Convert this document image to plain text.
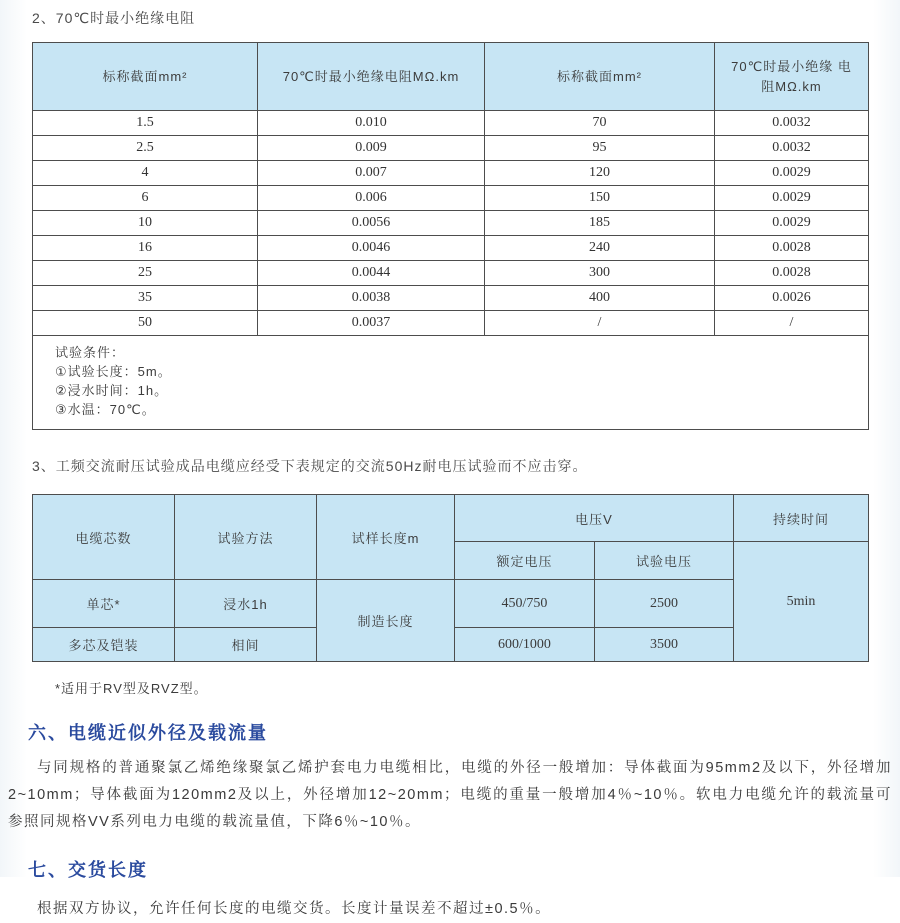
2、70℃时最小绝缘电阻
标称截面mm²	70℃时最小绝缘电阻MΩ.km	标称截面mm²	70℃时最小绝缘 电阻MΩ.km
1.5	0.010	70	0.0032
2.5	0.009	95	0.0032
4	0.007	120	0.0029
6	0.006	150	0.0029
10	0.0056	185	0.0029
16	0.0046	240	0.0028
25	0.0044	300	0.0028
35	0.0038	400	0.0026
50	0.0037	/	/

试验条件：
①试验长度：5m。
②浸水时间：1h。
③水温：70℃。			
3、工频交流耐压试验成品电缆应经受下表规定的交流50Hz耐电压试验而不应击穿。
电缆芯数	试验方法	试样长度m	电压V		持续时间
			额定电压	试验电压	5min
单芯*	浸水1h	制造长度	450/750	2500	
多芯及铠装	相间		600/1000	3500	
*适用于RV型及RVZ型。
六、电缆近似外径及载流量
与同规格的普通聚氯乙烯绝缘聚氯乙烯护套电力电缆相比，电缆的外径一般增加：导体截面为95mm2及以下，外径增加2~10mm；导体截面为120mm2及以上，外径增加12~20mm；电缆的重量一般增加4％~10％。软电力电缆允许的载流量可参照同规格VV系列电力电缆的载流量值，下降6％~10％。
七、交货长度
根据双方协议，允许任何长度的电缆交货。长度计量误差不超过±0.5％。
